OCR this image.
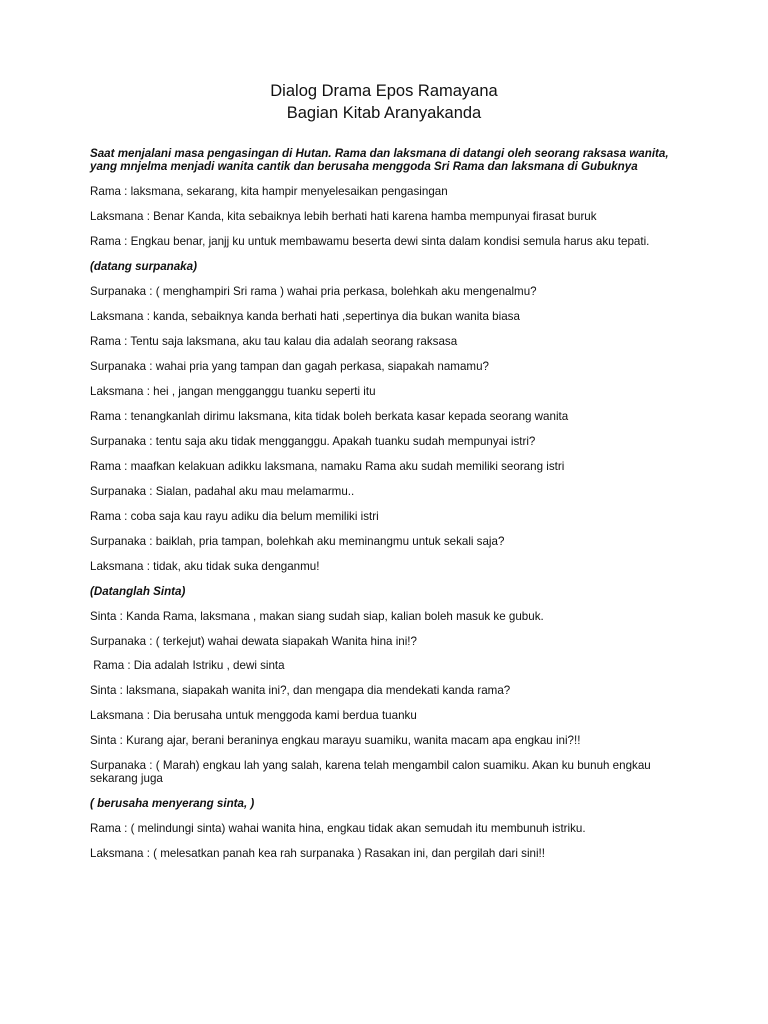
Dialog Drama Epos Ramayana
Bagian Kitab Aranyakanda

Saat menjalani masa pengasingan di Hutan. Rama dan laksmana di datangi oleh seorang raksasa wanita, yang mnjelma menjadi wanita cantik dan berusaha menggoda Sri Rama dan laksmana di Gubuknya

Rama : laksmana, sekarang, kita hampir menyelesaikan pengasingan

Laksmana : Benar Kanda, kita sebaiknya lebih berhati hati karena hamba mempunyai firasat buruk

Rama : Engkau benar, janjj ku untuk membawamu beserta dewi sinta dalam kondisi semula harus aku tepati.

(datang surpanaka)

Surpanaka : ( menghampiri Sri rama ) wahai pria perkasa, bolehkah aku mengenalmu?

Laksmana : kanda, sebaiknya kanda berhati hati ,sepertinya dia bukan wanita biasa

Rama : Tentu saja laksmana, aku tau kalau dia adalah seorang raksasa

Surpanaka : wahai pria yang tampan dan gagah perkasa, siapakah namamu?

Laksmana : hei , jangan mengganggu tuanku seperti itu

Rama : tenangkanlah dirimu laksmana, kita tidak boleh berkata kasar kepada seorang wanita

Surpanaka : tentu saja aku tidak mengganggu. Apakah tuanku sudah mempunyai istri?

Rama : maafkan kelakuan adikku laksmana, namaku Rama aku sudah memiliki seorang istri

Surpanaka : Sialan, padahal aku mau melamarmu..

Rama : coba saja kau rayu adiku dia belum memiliki istri

Surpanaka : baiklah, pria tampan, bolehkah aku meminangmu untuk sekali saja?

Laksmana : tidak, aku tidak suka denganmu!

(Datanglah Sinta)

Sinta : Kanda Rama, laksmana , makan siang sudah siap, kalian boleh masuk ke gubuk.

Surpanaka : ( terkejut) wahai dewata siapakah Wanita hina ini!?

Rama : Dia adalah Istriku , dewi sinta

Sinta : laksmana, siapakah wanita ini?, dan mengapa dia mendekati kanda rama?

Laksmana : Dia berusaha untuk menggoda kami berdua tuanku

Sinta : Kurang ajar, berani beraninya engkau marayu suamiku, wanita macam apa engkau ini?!!

Surpanaka : ( Marah) engkau lah yang salah, karena telah mengambil calon suamiku. Akan ku bunuh engkau sekarang juga

( berusaha menyerang sinta, )

Rama : ( melindungi sinta) wahai wanita hina, engkau tidak akan semudah itu membunuh istriku.

Laksmana : ( melesatkan panah kea rah surpanaka ) Rasakan ini, dan pergilah dari sini!!
